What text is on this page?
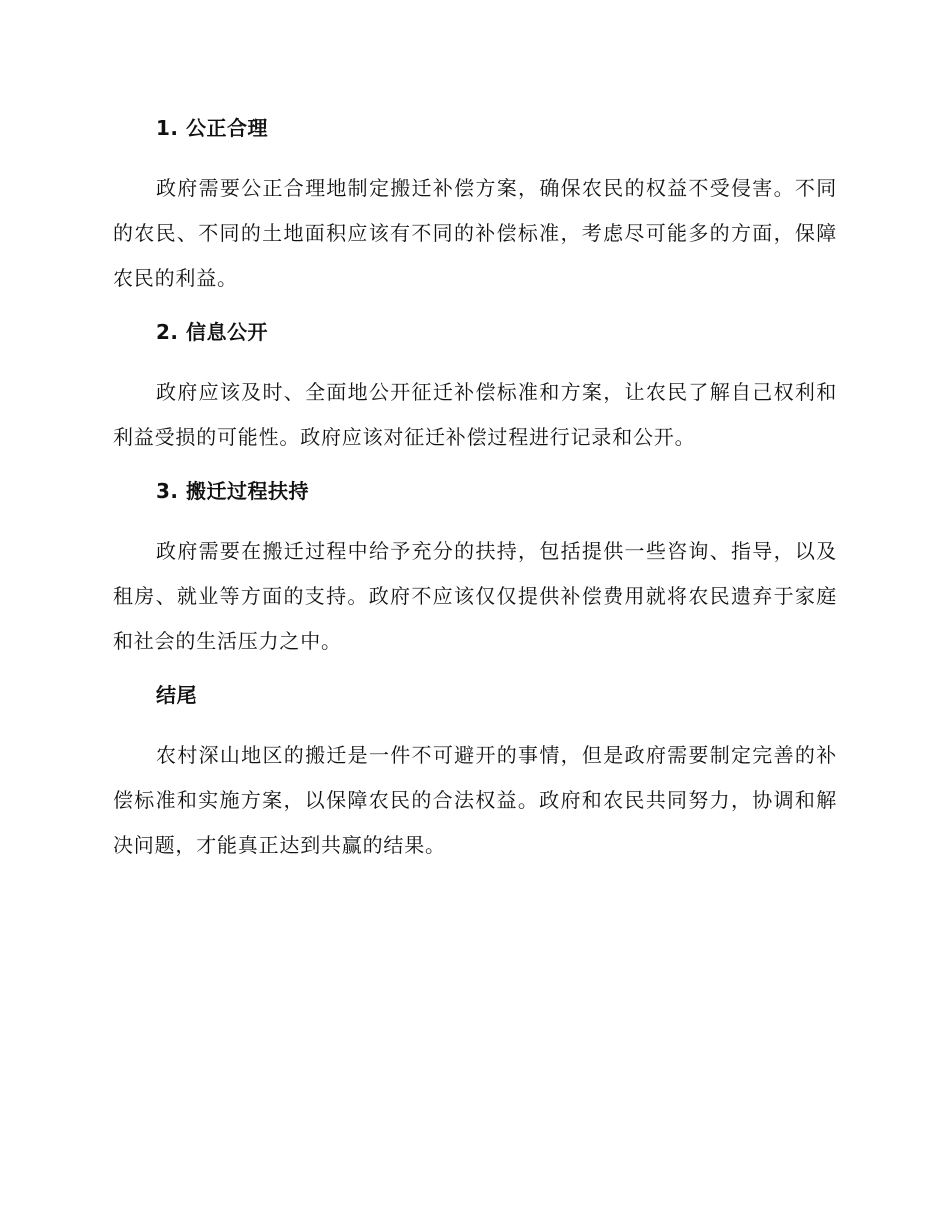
1. 公正合理

政府需要公正合理地制定搬迁补偿方案，确保农民的权益不受侵害。不同的农民、不同的土地面积应该有不同的补偿标准，考虑尽可能多的方面，保障农民的利益。

2. 信息公开

政府应该及时、全面地公开征迁补偿标准和方案，让农民了解自己权利和利益受损的可能性。政府应该对征迁补偿过程进行记录和公开。

3. 搬迁过程扶持

政府需要在搬迁过程中给予充分的扶持，包括提供一些咨询、指导，以及租房、就业等方面的支持。政府不应该仅仅提供补偿费用就将农民遗弃于家庭和社会的生活压力之中。

结尾

农村深山地区的搬迁是一件不可避开的事情，但是政府需要制定完善的补偿标准和实施方案，以保障农民的合法权益。政府和农民共同努力，协调和解决问题，才能真正达到共赢的结果。
